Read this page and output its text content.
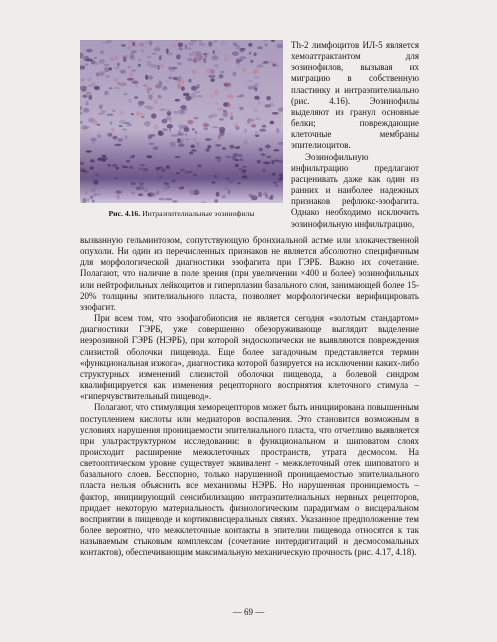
Рис. 4.16. Интраэпителиальные эозинофилы

Th-2 лимфоцитов ИЛ-5 является хемоаттрактантом для эозинофилов, вызывая их миграцию в собственную пластинку и интраэпителиально (рис. 4.16). Эозинофилы выделяют из гранул основные белки; повреждающие клеточные мембраны эпителиоцитов.

Эозинофильную инфильтрацию предлагают расценивать даже как один из ранних и наиболее надежных признаков рефлюкс-эзофагита. Однако необходимо исключить эозинофильную инфильтрацию,

вызванную гельминтозом, сопутствующую бронхиальной астме или злокачественной опухоли. Ни один из перечисленных признаков не является абсолютно специфичным для морфологической диагностики эзофагита при ГЭРБ. Важно их сочетание. Полагают, что наличие в поле зрения (при увеличении ×400 и более) эозинофильных или нейтрофильных лейкоцитов и гиперплазии базального слоя, занимающей более 15-20% толщины эпителиального пласта, позволяет морфологически верифицировать эзофагит.

При всем том, что эзофагобиопсия не является сегодня «золотым стандартом» диагностики ГЭРБ, уже совершенно обезоруживающе выглядит выделение неэрозивной ГЭРБ (НЭРБ), при которой эндоскопически не выявляются повреждения слизистой оболочки пищевода. Еще более загадочным представляется термин «функциональная изжога», диагностика которой базируется на исключении каких-либо структурных изменений слизистой оболочки пищевода, а болевой синдром квалифицируется как изменения рецепторного восприятия клеточного стимула – «гиперчувствительный пищевод».

Полагают, что стимуляция хеморецепторов может быть инициирована повышенным поступлением кислоты или медиаторов воспаления. Это становится возможным в условиях нарушения проницаемости эпителиального пласта, что отчетливо выявляется при ультраструктурном исследовании: в функциональном и шиповатом слоях происходит расширение межклеточных пространств, утрата десмосом. На светооптическом уровне существует эквивалент - межклеточный отек шиповатого и базального слоев. Бесспорно, только нарушенной проницаемостью эпителиального пласта нельзя объяснить все механизмы НЭРБ. Но нарушенная проницаемость – фактор, инициирующий сенсибилизацию интраэпителиальных нервных рецепторов, придает некоторую материальность физиологическим парадигмам о висцеральном восприятии в пищеводе и кортиковисцеральных связях. Указанное предположение тем более вероятно, что межклеточные контакты в эпителии пищевода относятся к так называемым стыковым комплексам (сочетание интердигитаций и десмосомальных контактов), обеспечивающим максимальную механическую прочность (рис. 4.17, 4.18).

— 69 —
